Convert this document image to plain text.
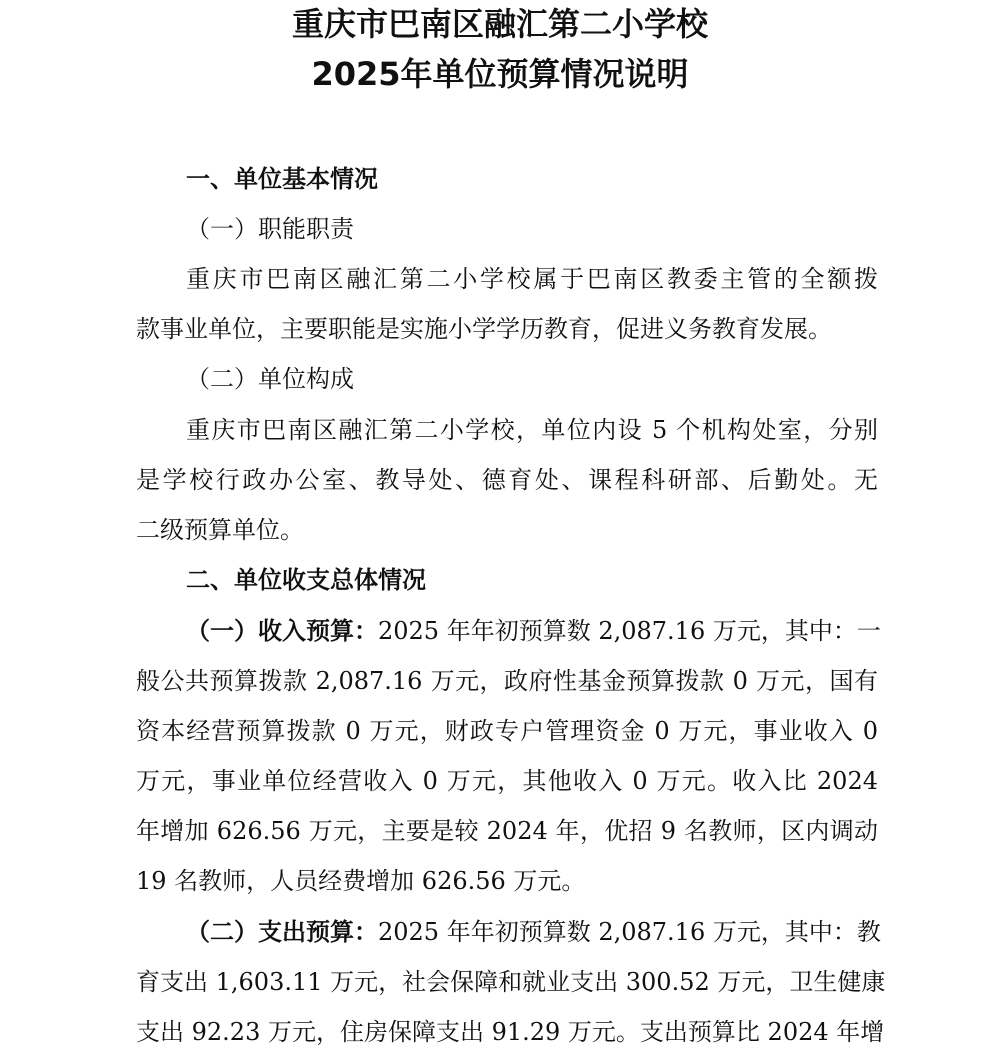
重庆市巴南区融汇第二小学校
2025年单位预算情况说明
一、单位基本情况
（一）职能职责
重庆市巴南区融汇第二小学校属于巴南区教委主管的全额拨
款事业单位，主要职能是实施小学学历教育，促进义务教育发展。
（二）单位构成
重庆市巴南区融汇第二小学校，单位内设 5 个机构处室，分别
是学校行政办公室、教导处、德育处、课程科研部、后勤处。无
二级预算单位。
二、单位收支总体情况
（一）收入预算： 2025 年年初预算数 2,087.16 万元，其中：一
般公共预算拨款 2,087.16 万元，政府性基金预算拨款 0 万元，国有
资本经营预算拨款 0 万元，财政专户管理资金 0 万元，事业收入 0
万元，事业单位经营收入 0 万元，其他收入 0 万元。收入比 2024
年增加 626.56 万元，主要是较 2024 年，优招 9 名教师，区内调动
19 名教师，人员经费增加 626.56 万元。
（二）支出预算： 2025 年年初预算数 2,087.16 万元，其中：教
育支出 1,603.11 万元，社会保障和就业支出 300.52 万元，卫生健康
支出 92.23 万元，住房保障支出 91.29 万元。支出预算比 2024 年增
